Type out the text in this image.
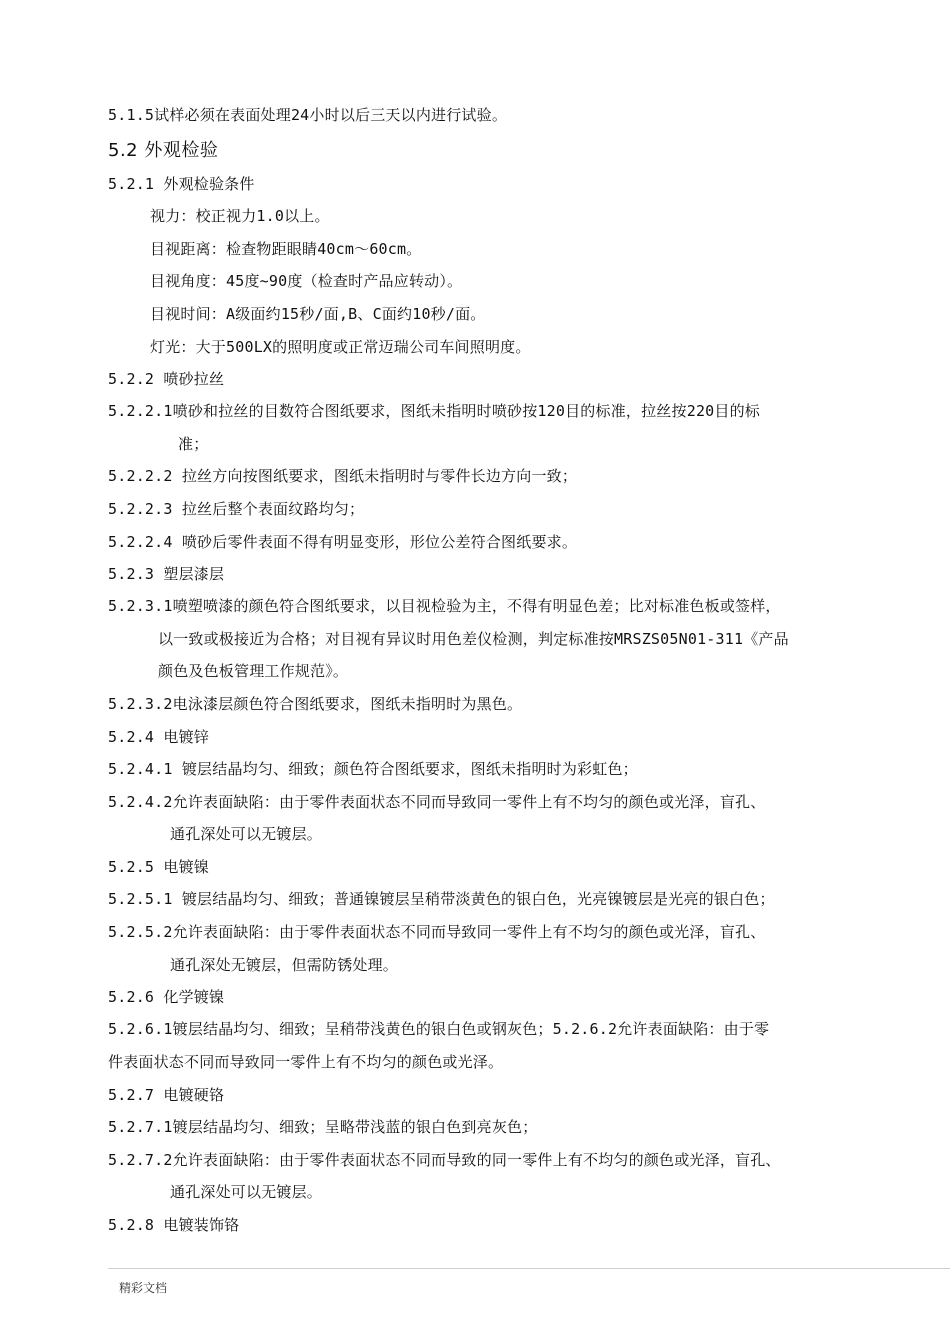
5.1.5试样必须在表面处理24小时以后三天以内进行试验。
5.2 外观检验
5.2.1 外观检验条件
视力：校正视力1.0以上。
目视距离：检查物距眼睛40cm～60cm。
目视角度：45度~90度（检查时产品应转动）。
目视时间：A级面约15秒/面,B、C面约10秒/面。
灯光：大于500LX的照明度或正常迈瑞公司车间照明度。
5.2.2 喷砂拉丝
5.2.2.1喷砂和拉丝的目数符合图纸要求，图纸未指明时喷砂按120目的标准，拉丝按220目的标
准；
5.2.2.2 拉丝方向按图纸要求，图纸未指明时与零件长边方向一致；
5.2.2.3 拉丝后整个表面纹路均匀；
5.2.2.4 喷砂后零件表面不得有明显变形，形位公差符合图纸要求。
5.2.3 塑层漆层
5.2.3.1喷塑喷漆的颜色符合图纸要求，以目视检验为主，不得有明显色差；比对标准色板或签样，
以一致或极接近为合格；对目视有异议时用色差仪检测，判定标准按MRSZS05N01-311《产品
颜色及色板管理工作规范》。
5.2.3.2电泳漆层颜色符合图纸要求，图纸未指明时为黑色。
5.2.4 电镀锌
5.2.4.1 镀层结晶均匀、细致；颜色符合图纸要求，图纸未指明时为彩虹色；
5.2.4.2允许表面缺陷：由于零件表面状态不同而导致同一零件上有不均匀的颜色或光泽，盲孔、
通孔深处可以无镀层。
5.2.5 电镀镍
5.2.5.1 镀层结晶均匀、细致；普通镍镀层呈稍带淡黄色的银白色，光亮镍镀层是光亮的银白色；
5.2.5.2允许表面缺陷：由于零件表面状态不同而导致同一零件上有不均匀的颜色或光泽，盲孔、
通孔深处无镀层，但需防锈处理。
5.2.6 化学镀镍
5.2.6.1镀层结晶均匀、细致；呈稍带浅黄色的银白色或钢灰色；5.2.6.2允许表面缺陷：由于零
件表面状态不同而导致同一零件上有不均匀的颜色或光泽。
5.2.7 电镀硬铬
5.2.7.1镀层结晶均匀、细致；呈略带浅蓝的银白色到亮灰色；
5.2.7.2允许表面缺陷：由于零件表面状态不同而导致的同一零件上有不均匀的颜色或光泽，盲孔、
通孔深处可以无镀层。
5.2.8 电镀装饰铬
精彩文档
